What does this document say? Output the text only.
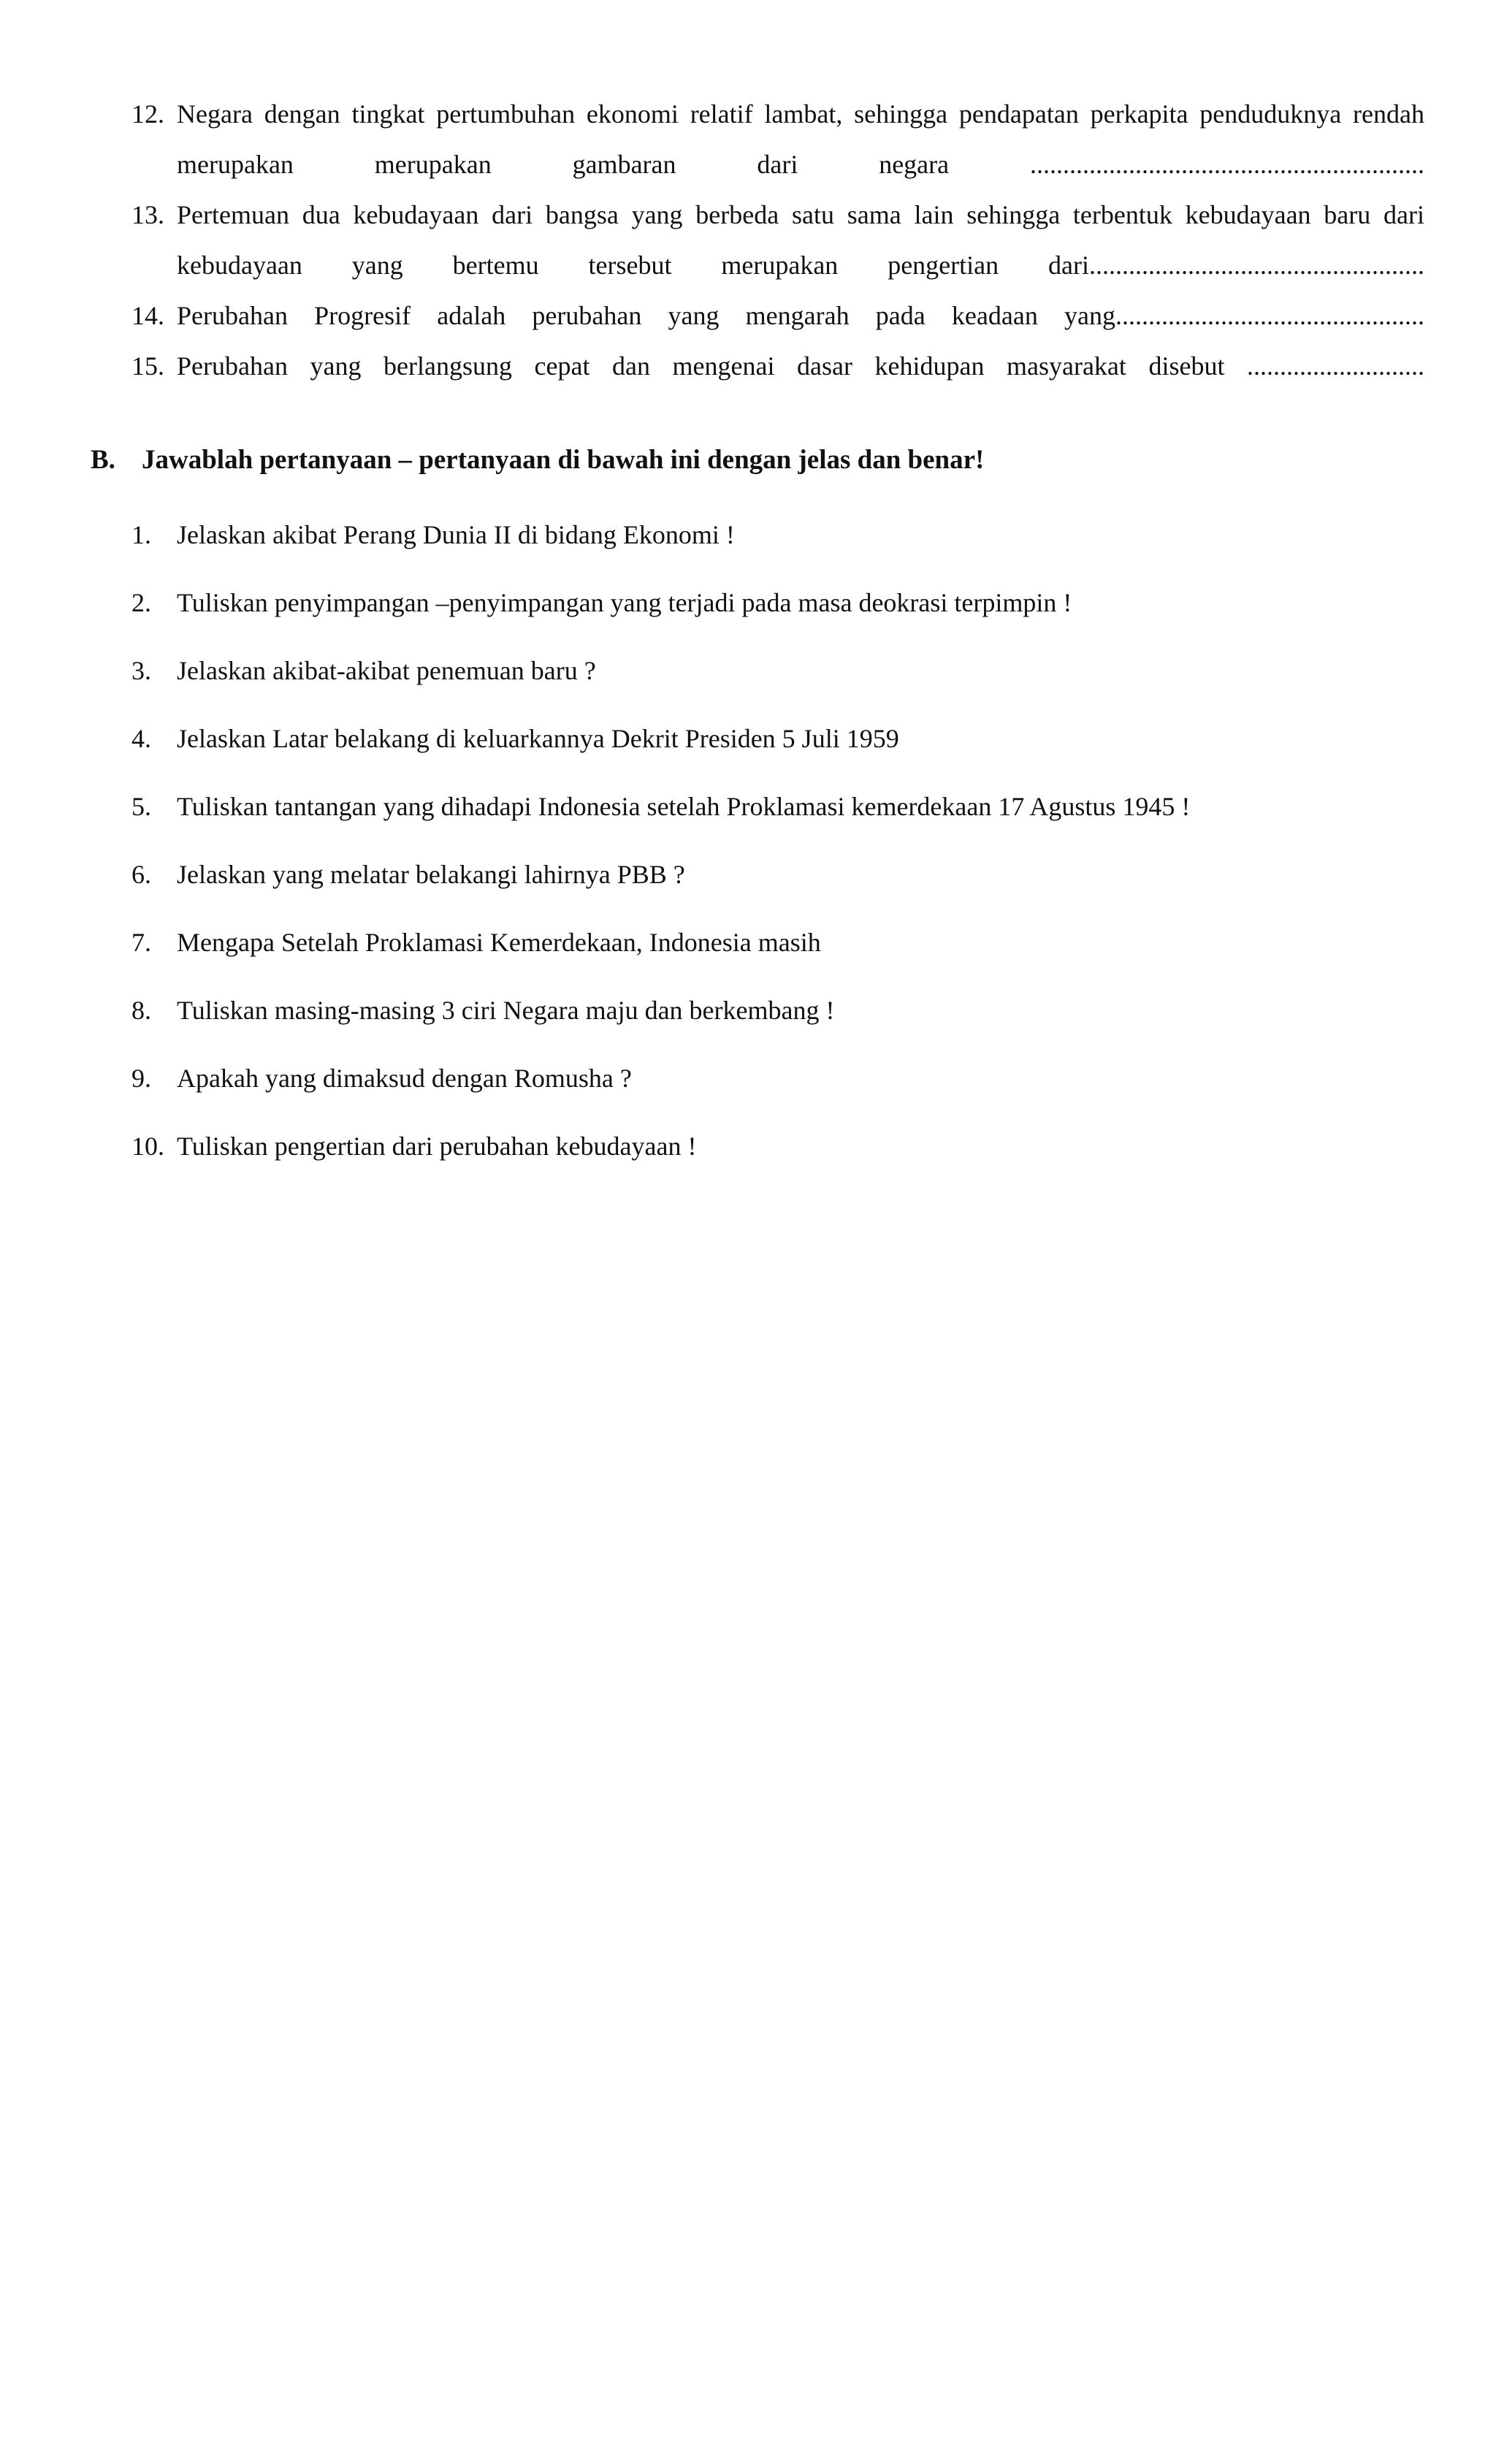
12. Negara dengan tingkat pertumbuhan ekonomi relatif lambat, sehingga pendapatan perkapita penduduknya rendah merupakan merupakan gambaran dari negara ............................................................
13. Pertemuan dua kebudayaan dari bangsa yang berbeda satu sama lain sehingga terbentuk kebudayaan baru dari kebudayaan yang bertemu tersebut merupakan pengertian dari...................................................
14. Perubahan Progresif adalah perubahan yang mengarah pada keadaan yang...............................................
15. Perubahan yang berlangsung cepat dan mengenai dasar kehidupan masyarakat disebut ...........................
B. Jawablah pertanyaan – pertanyaan di bawah ini dengan jelas dan benar!
1. Jelaskan akibat Perang Dunia II di bidang Ekonomi !
2. Tuliskan penyimpangan –penyimpangan yang terjadi pada masa deokrasi terpimpin !
3. Jelaskan akibat-akibat penemuan baru ?
4. Jelaskan Latar belakang di keluarkannya Dekrit Presiden 5 Juli 1959
5. Tuliskan tantangan yang dihadapi Indonesia setelah Proklamasi kemerdekaan 17 Agustus 1945 !
6. Jelaskan yang melatar belakangi lahirnya PBB ?
7. Mengapa Setelah Proklamasi Kemerdekaan, Indonesia masih
8. Tuliskan masing-masing 3 ciri Negara maju dan berkembang !
9. Apakah yang dimaksud dengan Romusha ?
10. Tuliskan pengertian dari perubahan kebudayaan !
